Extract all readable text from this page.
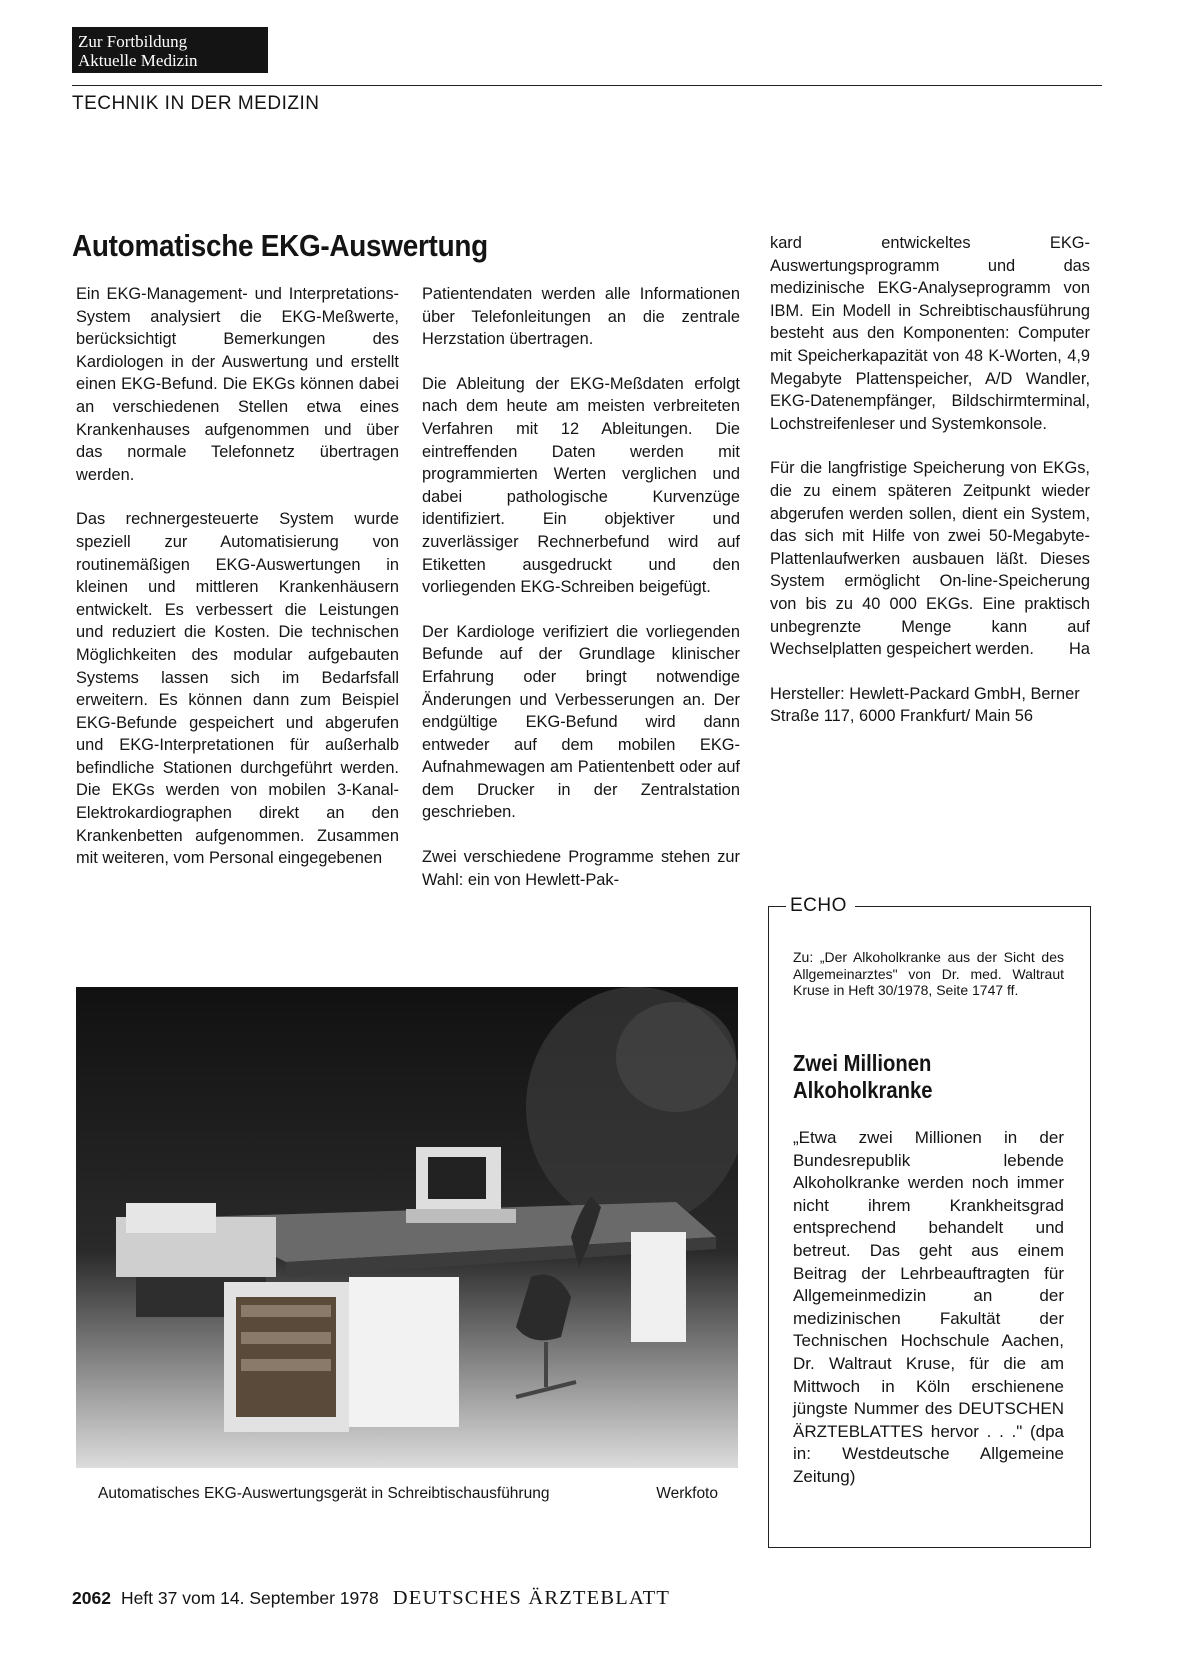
Zur Fortbildung
Aktuelle Medizin
TECHNIK IN DER MEDIZIN
Automatische EKG-Auswertung

Ein EKG-Management- und Interpretations-System analysiert die EKG-Meßwerte, berücksichtigt Bemerkungen des Kardiologen in der Auswertung und erstellt einen EKG-Befund. Die EKGs können dabei an verschiedenen Stellen etwa eines Krankenhauses aufgenommen und über das normale Telefonnetz übertragen werden.

Das rechnergesteuerte System wurde speziell zur Automatisierung von routinemäßigen EKG-Auswertungen in kleinen und mittleren Krankenhäusern entwickelt. Es verbessert die Leistungen und reduziert die Kosten. Die technischen Möglichkeiten des modular aufgebauten Systems lassen sich im Bedarfsfall erweitern. Es können dann zum Beispiel EKG-Befunde gespeichert und abgerufen und EKG-Interpretationen für außerhalb befindliche Stationen durchgeführt werden. Die EKGs werden von mobilen 3-Kanal-Elektrokardiographen direkt an den Krankenbetten aufgenommen. Zusammen mit weiteren, vom Personal eingegebenen

Patientendaten werden alle Informationen über Telefonleitungen an die zentrale Herzstation übertragen.

Die Ableitung der EKG-Meßdaten erfolgt nach dem heute am meisten verbreiteten Verfahren mit 12 Ableitungen. Die eintreffenden Daten werden mit programmierten Werten verglichen und dabei pathologische Kurvenzüge identifiziert. Ein objektiver und zuverlässiger Rechnerbefund wird auf Etiketten ausgedruckt und den vorliegenden EKG-Schreiben beigefügt.

Der Kardiologe verifiziert die vorliegenden Befunde auf der Grundlage klinischer Erfahrung oder bringt notwendige Änderungen und Verbesserungen an. Der endgültige EKG-Befund wird dann entweder auf dem mobilen EKG-Aufnahmewagen am Patientenbett oder auf dem Drucker in der Zentralstation geschrieben.

Zwei verschiedene Programme stehen zur Wahl: ein von Hewlett-Pak-

kard entwickeltes EKG-Auswertungsprogramm und das medizinische EKG-Analyseprogramm von IBM. Ein Modell in Schreibtischausführung besteht aus den Komponenten: Computer mit Speicherkapazität von 48 K-Worten, 4,9 Megabyte Plattenspeicher, A/D Wandler, EKG-Datenempfänger, Bildschirmterminal, Lochstreifenleser und Systemkonsole.

Für die langfristige Speicherung von EKGs, die zu einem späteren Zeitpunkt wieder abgerufen werden sollen, dient ein System, das sich mit Hilfe von zwei 50-Megabyte-Plattenlaufwerken ausbauen läßt. Dieses System ermöglicht On-line-Speicherung von bis zu 40 000 EKGs. Eine praktisch unbegrenzte Menge kann auf Wechselplatten gespeichert werden.	Ha

Hersteller: Hewlett-Packard GmbH, Berner Straße 117, 6000 Frankfurt/ Main 56

Automatisches EKG-Auswertungsgerät in Schreibtischausführung	Werkfoto
ECHO
Zu: „Der Alkoholkranke aus der Sicht des Allgemeinarztes" von Dr. med. Waltraut Kruse in Heft 30/1978, Seite 1747 ff.
Zwei Millionen
Alkoholkranke
„Etwa zwei Millionen in der Bundesrepublik lebende Alkoholkranke werden noch immer nicht ihrem Krankheitsgrad entsprechend behandelt und betreut. Das geht aus einem Beitrag der Lehrbeauftragten für Allgemeinmedizin an der medizinischen Fakultät der Technischen Hochschule Aachen, Dr. Waltraut Kruse, für die am Mittwoch in Köln erschienene jüngste Nummer des DEUTSCHEN ÄRZTEBLATTES hervor . . ." (dpa in: Westdeutsche Allgemeine Zeitung)
2062 Heft 37 vom 14. September 1978 DEUTSCHES ÄRZTEBLATT
